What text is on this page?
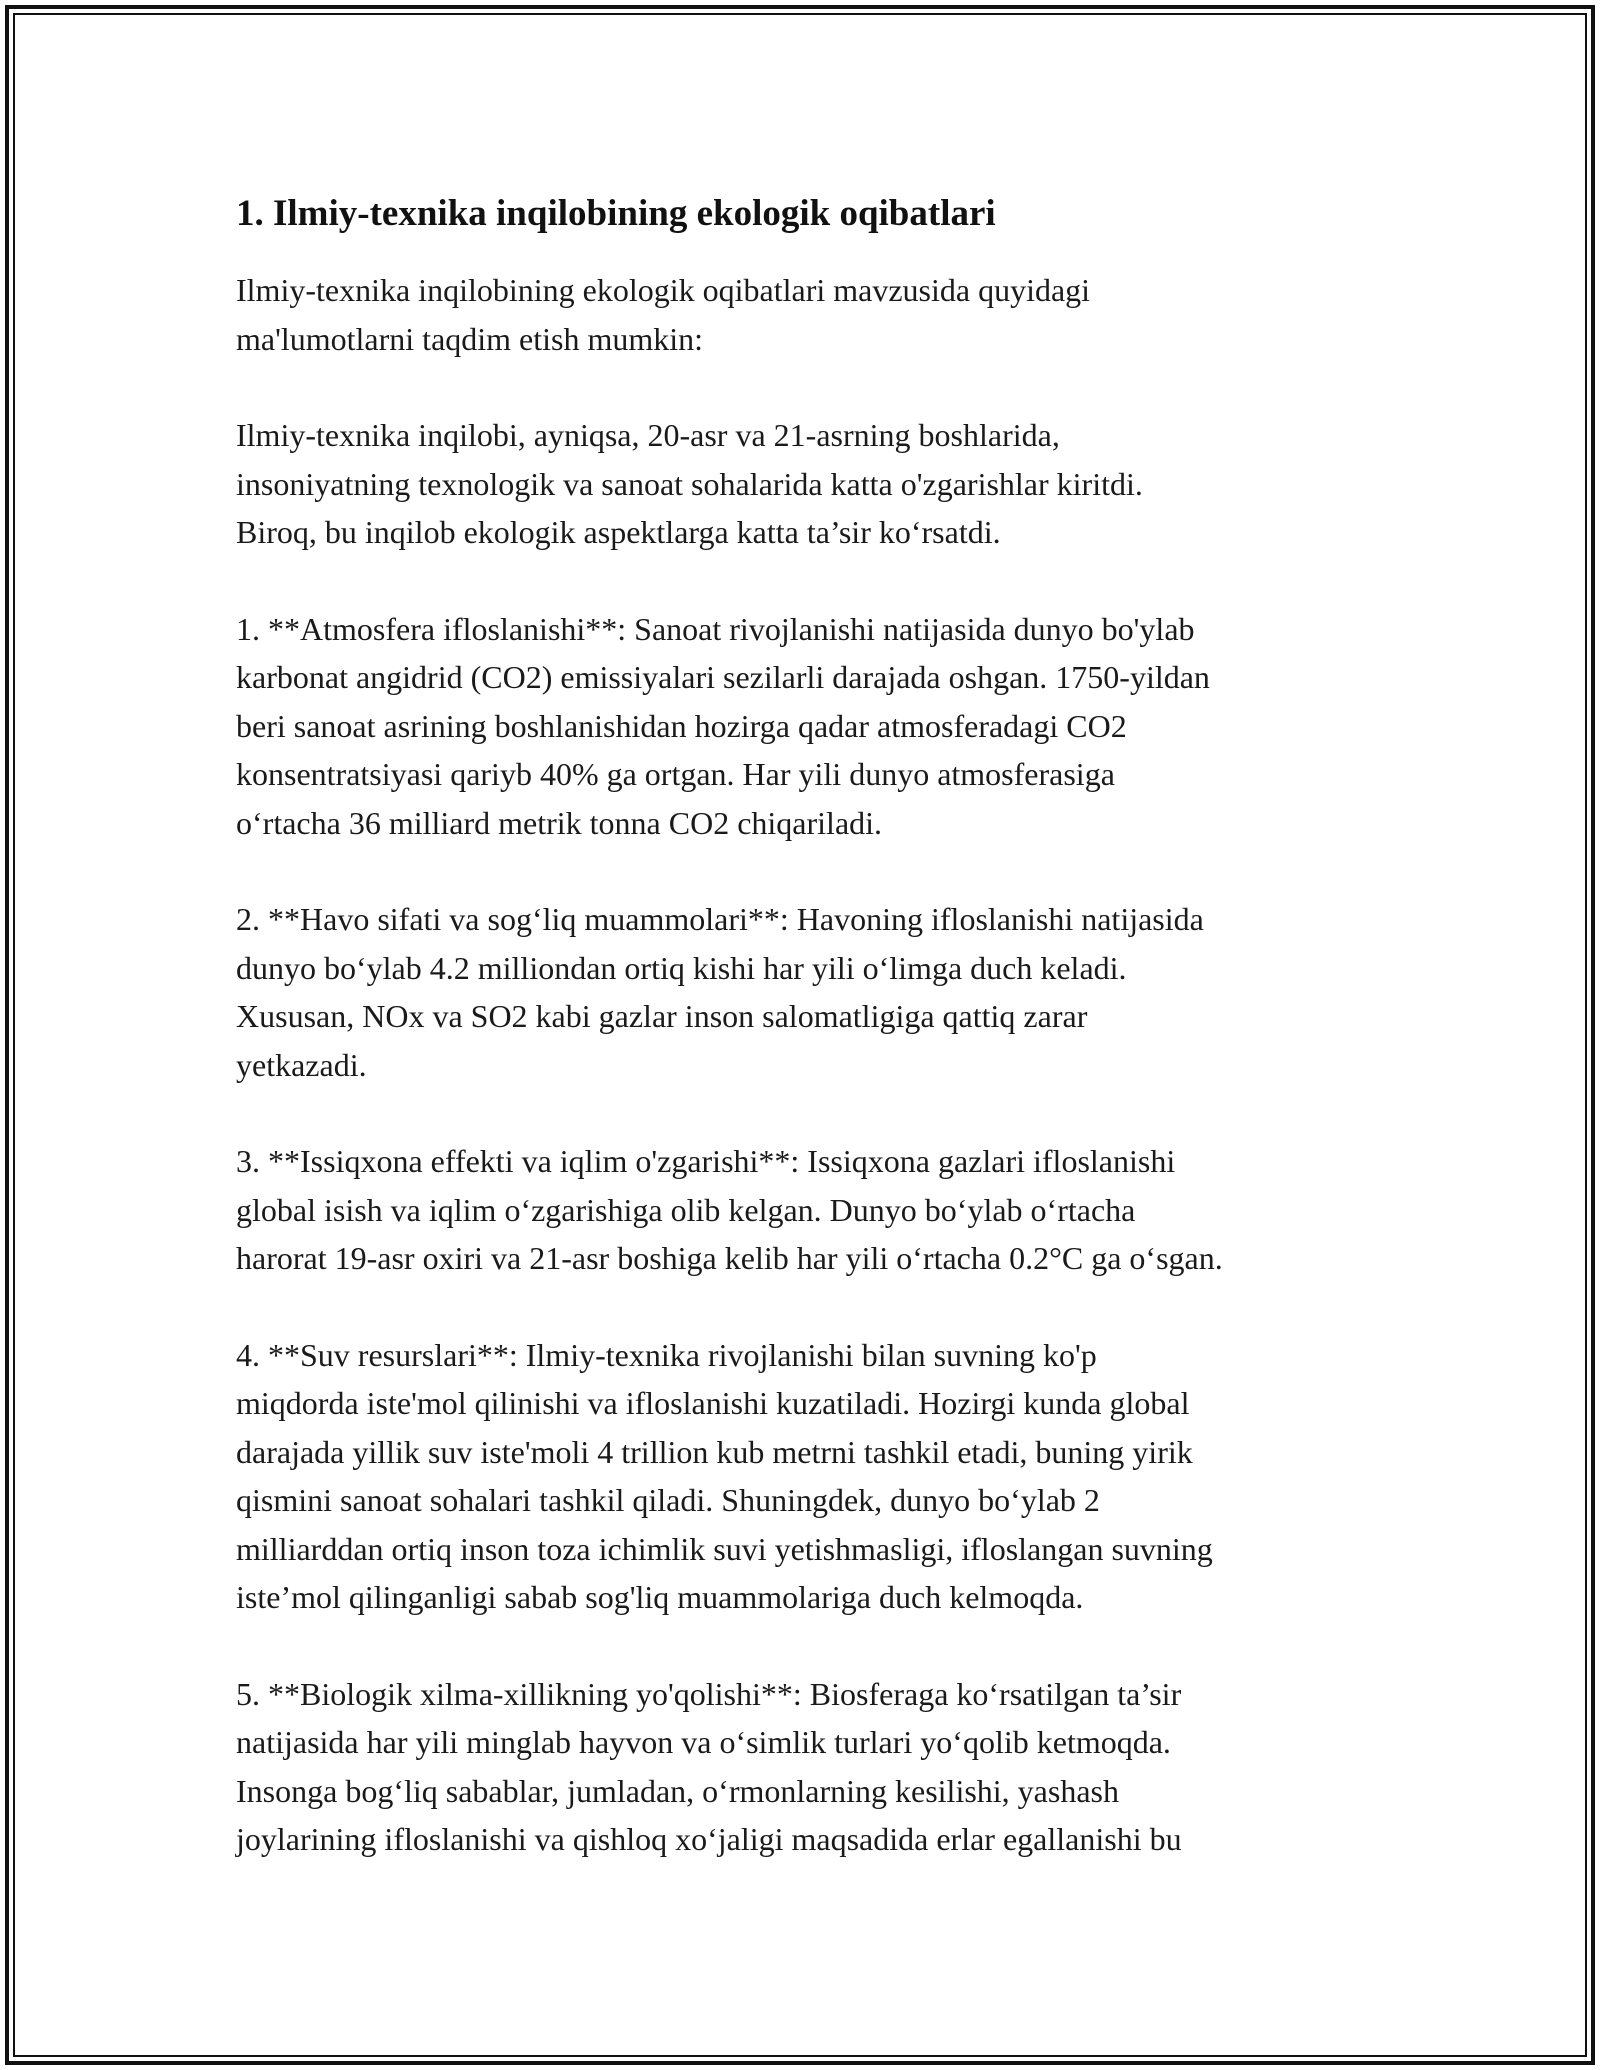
1. Ilmiy-texnika inqilobining ekologik oqibatlari

Ilmiy-texnika inqilobining ekologik oqibatlari mavzusida quyidagi
ma'lumotlarni taqdim etish mumkin:

Ilmiy-texnika inqilobi, ayniqsa, 20-asr va 21-asrning boshlarida,
insoniyatning texnologik va sanoat sohalarida katta o'zgarishlar kiritdi.
Biroq, bu inqilob ekologik aspektlarga katta ta’sir ko‘rsatdi.

1. **Atmosfera ifloslanishi**: Sanoat rivojlanishi natijasida dunyo bo'ylab
karbonat angidrid (CO2) emissiyalari sezilarli darajada oshgan. 1750-yildan
beri sanoat asrining boshlanishidan hozirga qadar atmosferadagi CO2
konsentratsiyasi qariyb 40% ga ortgan. Har yili dunyo atmosferasiga
o‘rtacha 36 milliard metrik tonna CO2 chiqariladi.

2. **Havo sifati va sog‘liq muammolari**: Havoning ifloslanishi natijasida
dunyo bo‘ylab 4.2 milliondan ortiq kishi har yili o‘limga duch keladi.
Xususan, NOx va SO2 kabi gazlar inson salomatligiga qattiq zarar
yetkazadi.

3. **Issiqxona effekti va iqlim o'zgarishi**: Issiqxona gazlari ifloslanishi
global isish va iqlim o‘zgarishiga olib kelgan. Dunyo bo‘ylab o‘rtacha
harorat 19-asr oxiri va 21-asr boshiga kelib har yili o‘rtacha 0.2°C ga o‘sgan.

4. **Suv resurslari**: Ilmiy-texnika rivojlanishi bilan suvning ko'p
miqdorda iste'mol qilinishi va ifloslanishi kuzatiladi. Hozirgi kunda global
darajada yillik suv iste'moli 4 trillion kub metrni tashkil etadi, buning yirik
qismini sanoat sohalari tashkil qiladi. Shuningdek, dunyo bo‘ylab 2
milliarddan ortiq inson toza ichimlik suvi yetishmasligi, ifloslangan suvning
iste’mol qilinganligi sabab sog'liq muammolariga duch kelmoqda.

5. **Biologik xilma-xillikning yo'qolishi**: Biosferaga ko‘rsatilgan ta’sir
natijasida har yili minglab hayvon va o‘simlik turlari yo‘qolib ketmoqda.
Insonga bog‘liq sabablar, jumladan, o‘rmonlarning kesilishi, yashash
joylarining ifloslanishi va qishloq xo‘jaligi maqsadida erlar egallanishi bu
